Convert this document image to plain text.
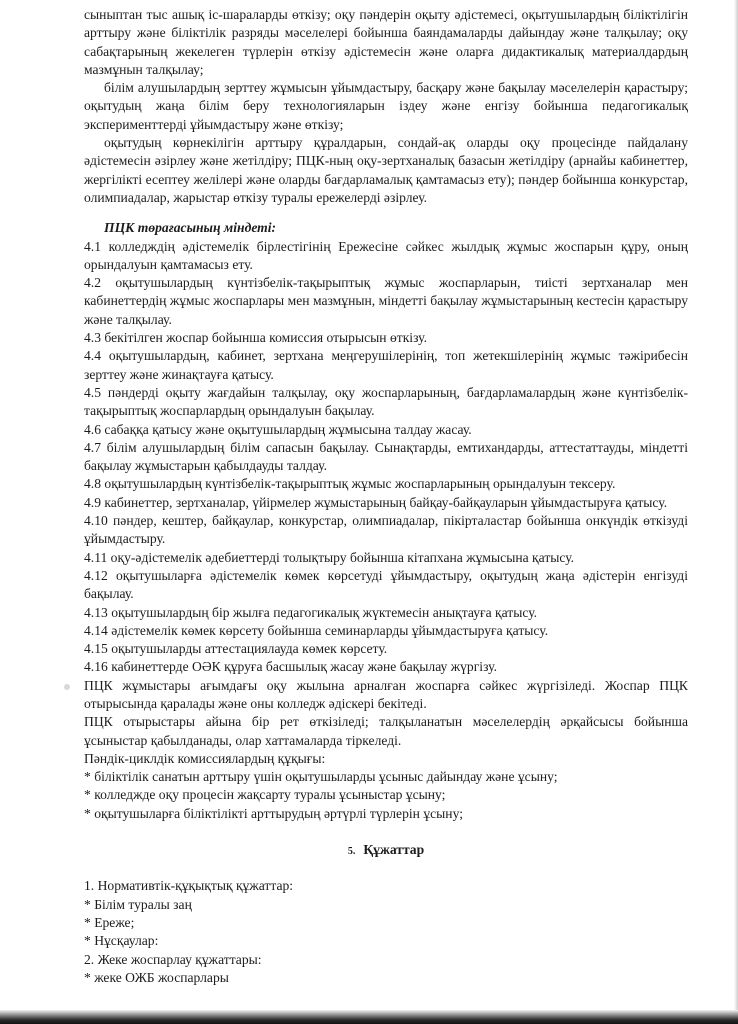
сыныптан тыс ашық іс-шараларды өткізу; оқу пәндерін оқыту әдістемесі, оқытушылардың біліктілігін арттыру және біліктілік разряды мәселелері бойынша баяндамаларды дайындау және талқылау; оқу сабақтарының жекелеген түрлерін өткізу әдістемесін және оларға дидактикалық материалдардың мазмұнын талқылау;

білім алушылардың зерттеу жұмысын ұйымдастыру, басқару және бақылау мәселелерін қарастыру; оқытудың жаңа білім беру технологияларын іздеу және енгізу бойынша педагогикалық эксперименттерді ұйымдастыру және өткізу;

оқытудың көрнекілігін арттыру құралдарын, сондай-ақ оларды оқу процесінде пайдалану әдістемесін әзірлеу және жетілдіру; ПЦК-ның оқу-зертханалық базасын жетілдіру (арнайы кабинеттер, жергілікті есептеу желілері және оларды бағдарламалық қамтамасыз ету); пәндер бойынша конкурстар, олимпиадалар, жарыстар өткізу туралы ережелерді әзірлеу.

ПЦК төрағасының міндеті:

4.1 колледждің әдістемелік бірлестігінің Ережесіне сәйкес жылдық жұмыс жоспарын құру, оның орындалуын қамтамасыз ету.

4.2 оқытушылардың күнтізбелік-тақырыптық жұмыс жоспарларын, тиісті зертханалар мен кабинеттердің жұмыс жоспарлары мен мазмұнын, міндетті бақылау жұмыстарының кестесін қарастыру және талқылау.

4.3 бекітілген жоспар бойынша комиссия отырысын өткізу.

4.4 оқытушылардың, кабинет, зертхана меңгерушілерінің, топ жетекшілерінің жұмыс тәжірибесін зерттеу және жинақтауға қатысу.

4.5 пәндерді оқыту жағдайын талқылау, оқу жоспарларының, бағдарламалардың және күнтізбелік-тақырыптық жоспарлардың орындалуын бақылау.

4.6 сабаққа қатысу және оқытушылардың жұмысына талдау жасау.

4.7 білім алушылардың білім сапасын бақылау. Сынақтарды, емтихандарды, аттестаттауды, міндетті бақылау жұмыстарын қабылдауды талдау.

4.8 оқытушылардың күнтізбелік-тақырыптық жұмыс жоспарларының орындалуын тексеру.

4.9 кабинеттер, зертханалар, үйірмелер жұмыстарының байқау-байқауларын ұйымдастыруға қатысу.

4.10 пәндер, кештер, байқаулар, конкурстар, олимпиадалар, пікірталастар бойынша онкүндік өткізуді ұйымдастыру.

4.11 оқу-әдістемелік әдебиеттерді толықтыру бойынша кітапхана жұмысына қатысу.

4.12 оқытушыларға әдістемелік көмек көрсетуді ұйымдастыру, оқытудың жаңа әдістерін енгізуді бақылау.

4.13 оқытушылардың бір жылға педагогикалық жүктемесін анықтауға қатысу.

4.14 әдістемелік көмек көрсету бойынша семинарларды ұйымдастыруға қатысу.

4.15 оқытушыларды аттестациялауда көмек көрсету.

4.16 кабинеттерде ОӘК құруға басшылық жасау және бақылау жүргізу.

ПЦК жұмыстары ағымдағы оқу жылына арналған жоспарға сәйкес жүргізіледі. Жоспар ПЦК отырысында қаралады және оны колледж әдіскері бекітеді.

ПЦК отырыстары айына бір рет өткізіледі; талқыланатын мәселелердің әрқайсысы бойынша ұсыныстар қабылданады, олар хаттамаларда тіркеледі.

Пәндік-циклдік комиссиялардың құқығы:

* біліктілік санатын арттыру үшін оқытушыларды ұсыныс дайындау және ұсыну;

* колледжде оқу процесін жақсарту туралы ұсыныстар ұсыну;

* оқытушыларға біліктілікті арттырудың әртүрлі түрлерін ұсыну;

5. Құжаттар

1. Нормативтік-құқықтық құжаттар:

* Білім туралы заң

* Ереже;

* Нұсқаулар:

2. Жеке жоспарлау құжаттары:

* жеке ОЖБ жоспарлары
